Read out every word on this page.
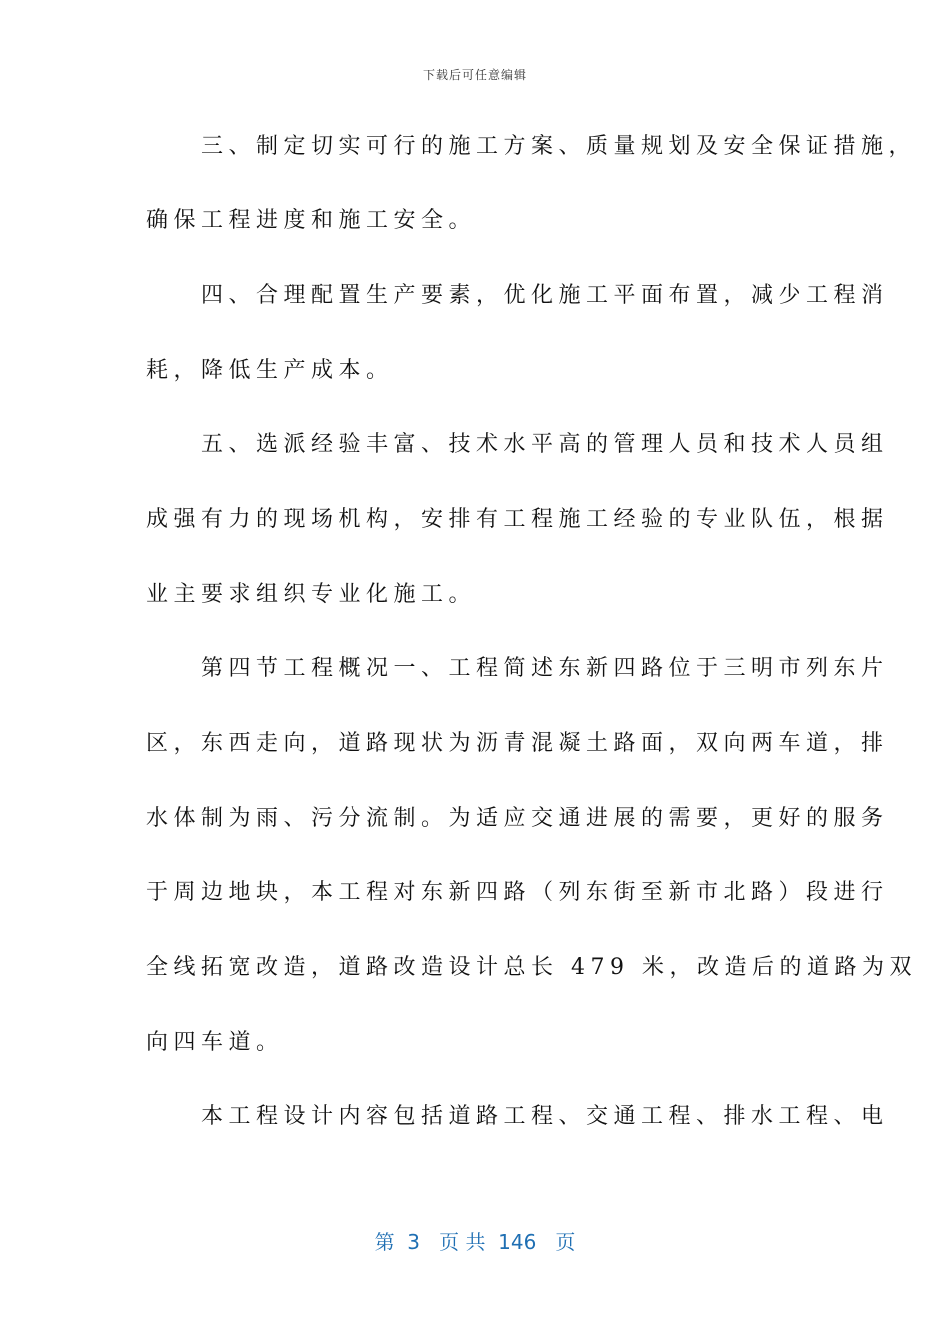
下载后可任意编辑
　　三、制定切实可行的施工方案、质量规划及安全保证措施，
确保工程进度和施工安全。
　　四、合理配置生产要素，优化施工平面布置，减少工程消
耗，降低生产成本。
　　五、选派经验丰富、技术水平高的管理人员和技术人员组
成强有力的现场机构，安排有工程施工经验的专业队伍，根据
业主要求组织专业化施工。
　　第四节工程概况一、工程简述东新四路位于三明市列东片
区，东西走向，道路现状为沥青混凝土路面，双向两车道，排
水体制为雨、污分流制。为适应交通进展的需要，更好的服务
于周边地块，本工程对东新四路（列东街至新市北路）段进行
全线拓宽改造，道路改造设计总长 479 米，改造后的道路为双
向四车道。
　　本工程设计内容包括道路工程、交通工程、排水工程、电
第  3   页 共  146   页
